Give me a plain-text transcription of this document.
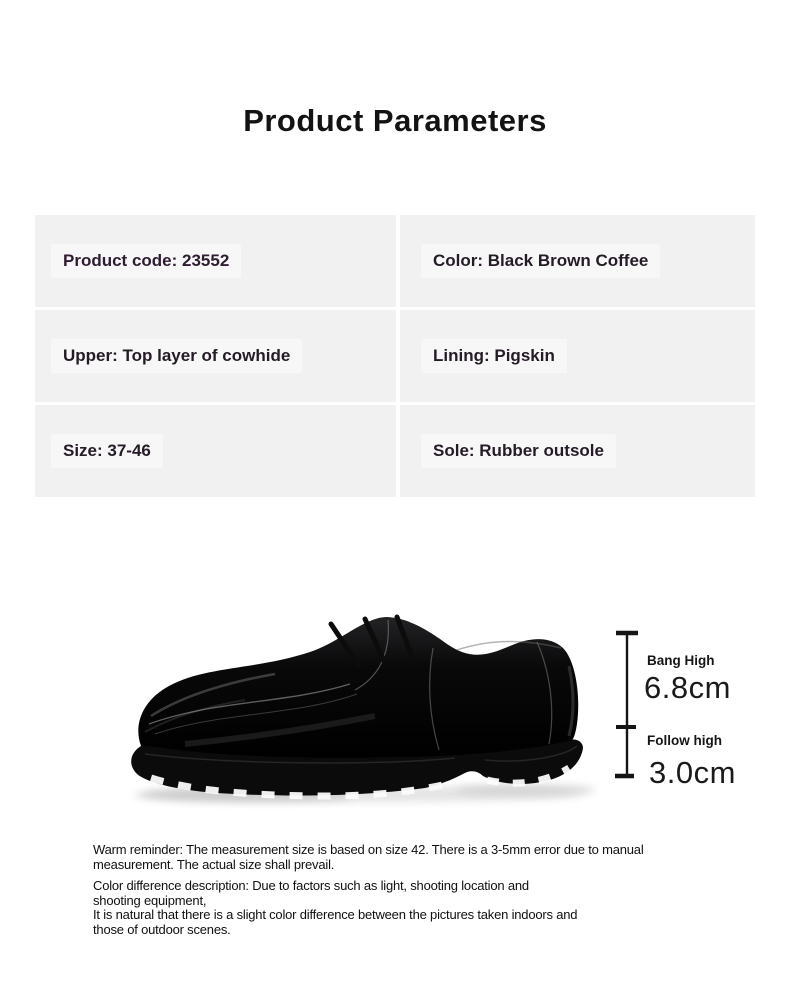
Product Parameters
Product code: 23552	Color: Black Brown Coffee
Upper: Top layer of cowhide	Lining: Pigskin
Size: 37-46	Sole: Rubber outsole
Bang High
6.8cm
Follow high
3.0cm
Warm reminder: The measurement size is based on size 42. There is a 3-5mm error due to manual
measurement. The actual size shall prevail.
Color difference description: Due to factors such as light, shooting location and
shooting equipment,
It is natural that there is a slight color difference between the pictures taken indoors and
those of outdoor scenes.
